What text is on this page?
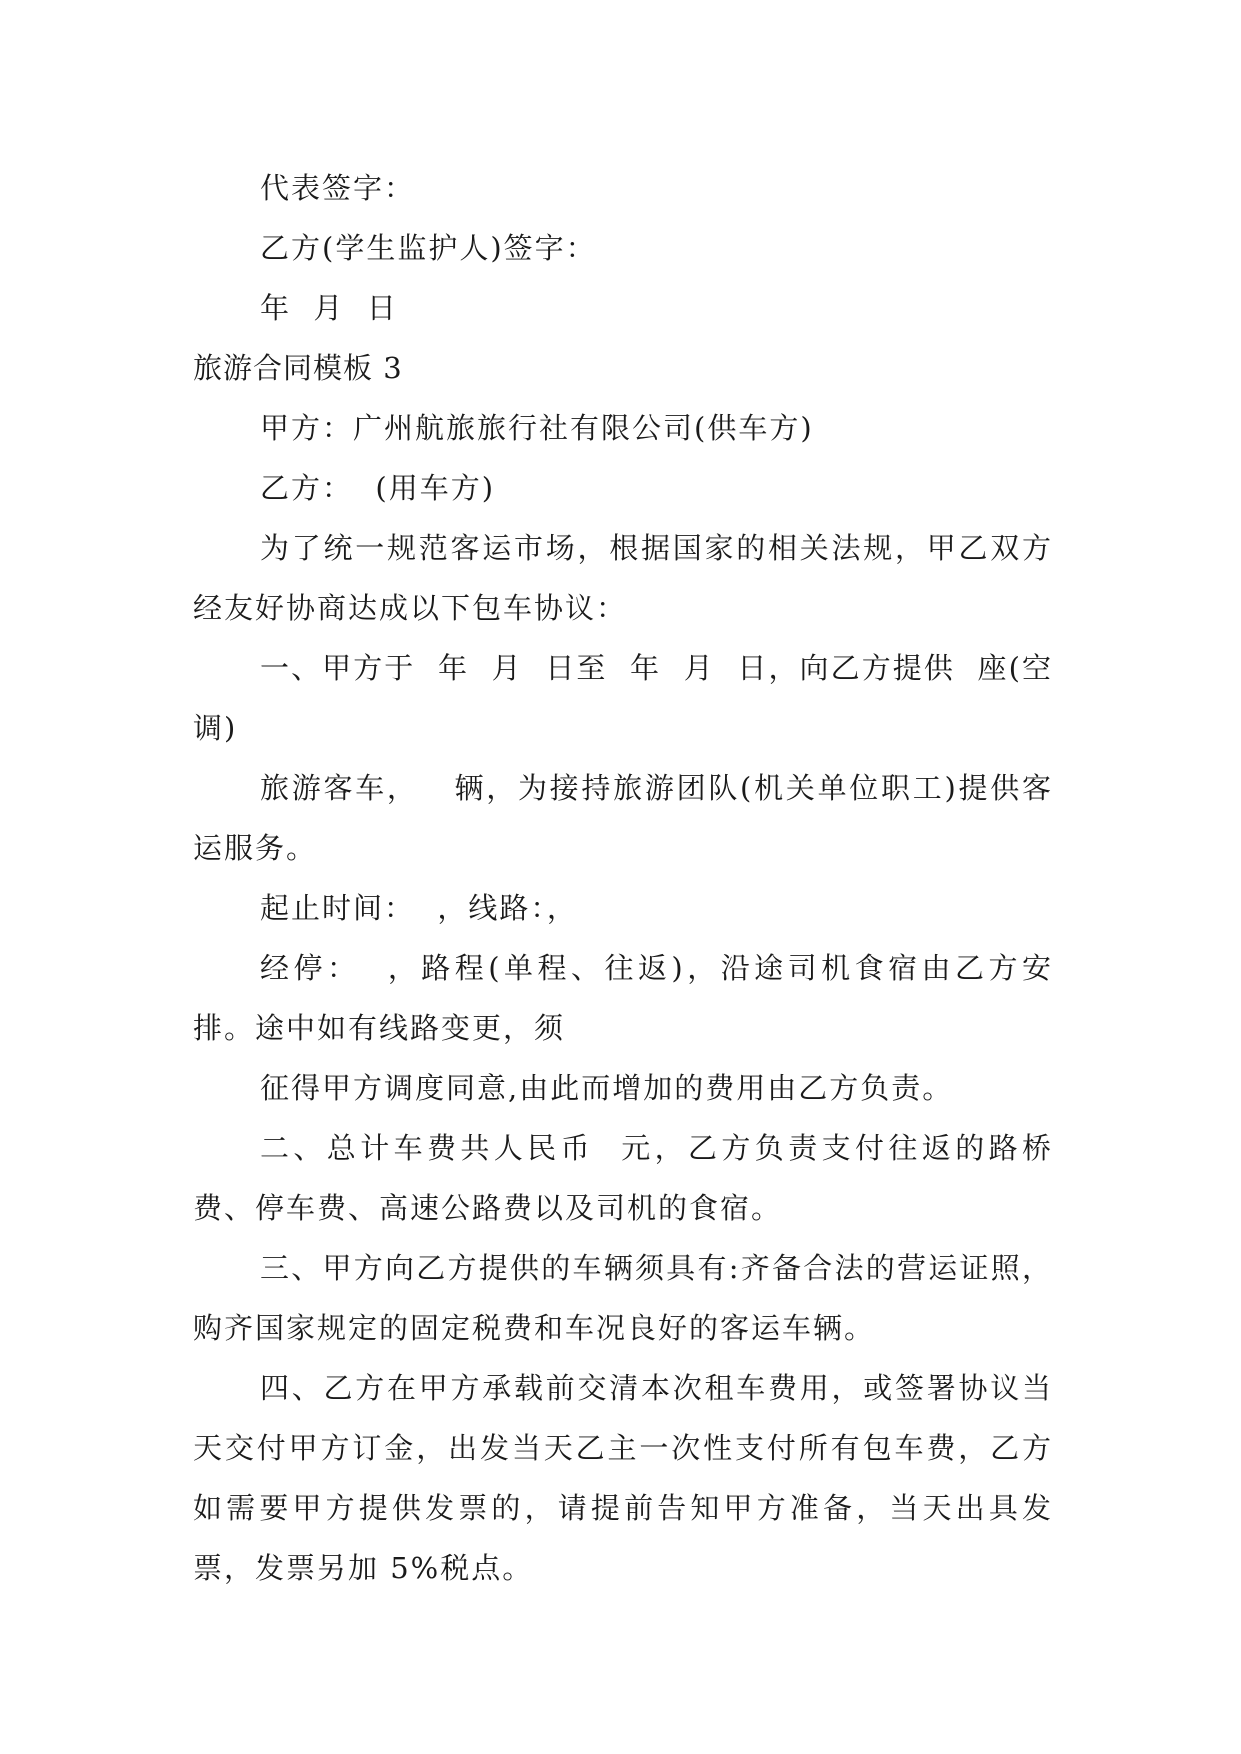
代表签字：
乙方(学生监护人)签字：
年  月  日
旅游合同模板 3
甲方：广州航旅旅行社有限公司(供车方)
乙方：  (用车方)
为了统一规范客运市场，根据国家的相关法规，甲乙双方经友好协商达成以下包车协议：
一、甲方于  年  月  日至  年  月  日，向乙方提供  座(空调)
旅游客车，   辆，为接持旅游团队(机关单位职工)提供客运服务。
起止时间：  ，线路：，
经停：  ，路程(单程、往返)，沿途司机食宿由乙方安排。途中如有线路变更，须
征得甲方调度同意,由此而增加的费用由乙方负责。
二、总计车费共人民币  元，乙方负责支付往返的路桥费、停车费、高速公路费以及司机的食宿。
三、甲方向乙方提供的车辆须具有:齐备合法的营运证照，购齐国家规定的固定税费和车况良好的客运车辆。
四、乙方在甲方承载前交清本次租车费用，或签署协议当天交付甲方订金，出发当天乙主一次性支付所有包车费，乙方如需要甲方提供发票的，请提前告知甲方准备，当天出具发票，发票另加 5%税点。
